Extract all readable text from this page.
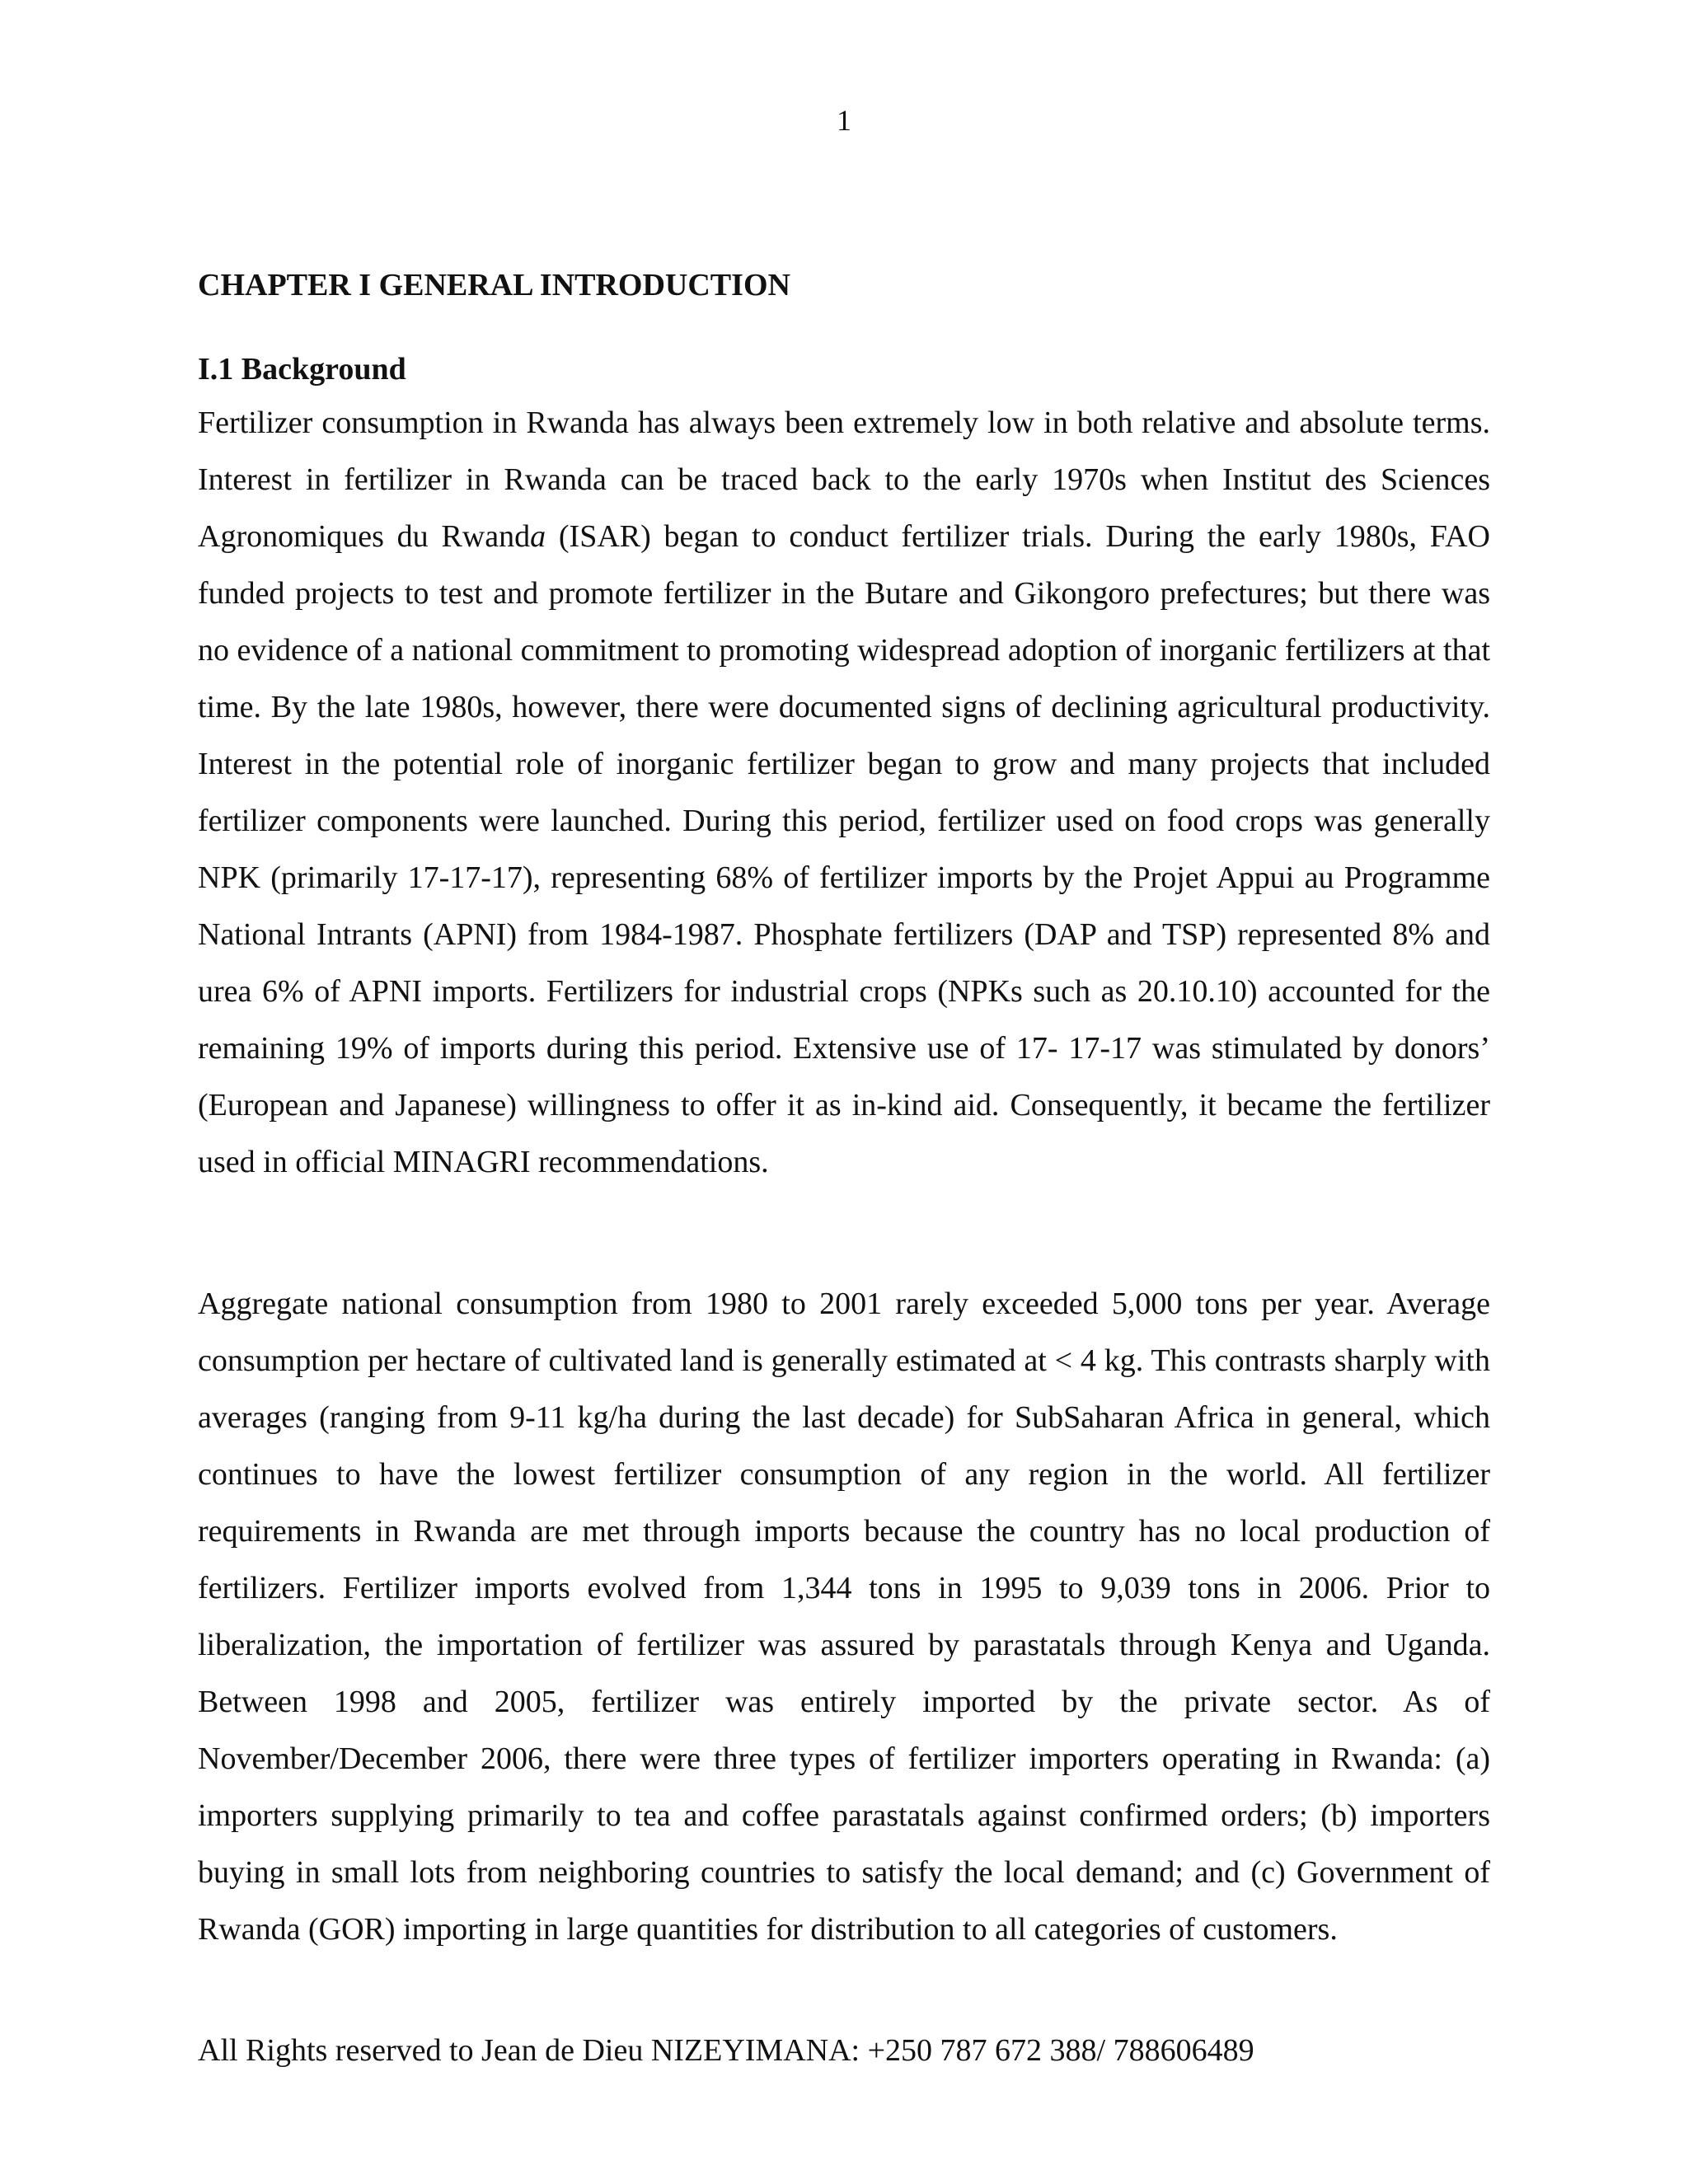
1
CHAPTER I GENERAL INTRODUCTION
I.1 Background

Fertilizer consumption in Rwanda has always been extremely low in both relative and absolute terms. Interest in fertilizer in Rwanda can be traced back to the early 1970s when Institut des Sciences Agronomiques du Rwanda (ISAR) began to conduct fertilizer trials. During the early 1980s, FAO funded projects to test and promote fertilizer in the Butare and Gikongoro prefectures; but there was no evidence of a national commitment to promoting widespread adoption of inorganic fertilizers at that time. By the late 1980s, however, there were documented signs of declining agricultural productivity. Interest in the potential role of inorganic fertilizer began to grow and many projects that included fertilizer components were launched. During this period, fertilizer used on food crops was generally NPK (primarily 17-17-17), representing 68% of fertilizer imports by the Projet Appui au Programme National Intrants (APNI) from 1984-1987. Phosphate fertilizers (DAP and TSP) represented 8% and urea 6% of APNI imports. Fertilizers for industrial crops (NPKs such as 20.10.10) accounted for the remaining 19% of imports during this period. Extensive use of 17- 17-17 was stimulated by donors’ (European and Japanese) willingness to offer it as in-kind aid. Consequently, it became the fertilizer used in official MINAGRI recommendations.

Aggregate national consumption from 1980 to 2001 rarely exceeded 5,000 tons per year. Average consumption per hectare of cultivated land is generally estimated at < 4 kg. This contrasts sharply with averages (ranging from 9-11 kg/ha during the last decade) for SubSaharan Africa in general, which continues to have the lowest fertilizer consumption of any region in the world. All fertilizer requirements in Rwanda are met through imports because the country has no local production of fertilizers. Fertilizer imports evolved from 1,344 tons in 1995 to 9,039 tons in 2006. Prior to liberalization, the importation of fertilizer was assured by parastatals through Kenya and Uganda. Between 1998 and 2005, fertilizer was entirely imported by the private sector. As of November/December 2006, there were three types of fertilizer importers operating in Rwanda: (a) importers supplying primarily to tea and coffee parastatals against confirmed orders; (b) importers buying in small lots from neighboring countries to satisfy the local demand; and (c) Government of Rwanda (GOR) importing in large quantities for distribution to all categories of customers.

All Rights reserved to Jean de Dieu NIZEYIMANA: +250 787 672 388/ 788606489
